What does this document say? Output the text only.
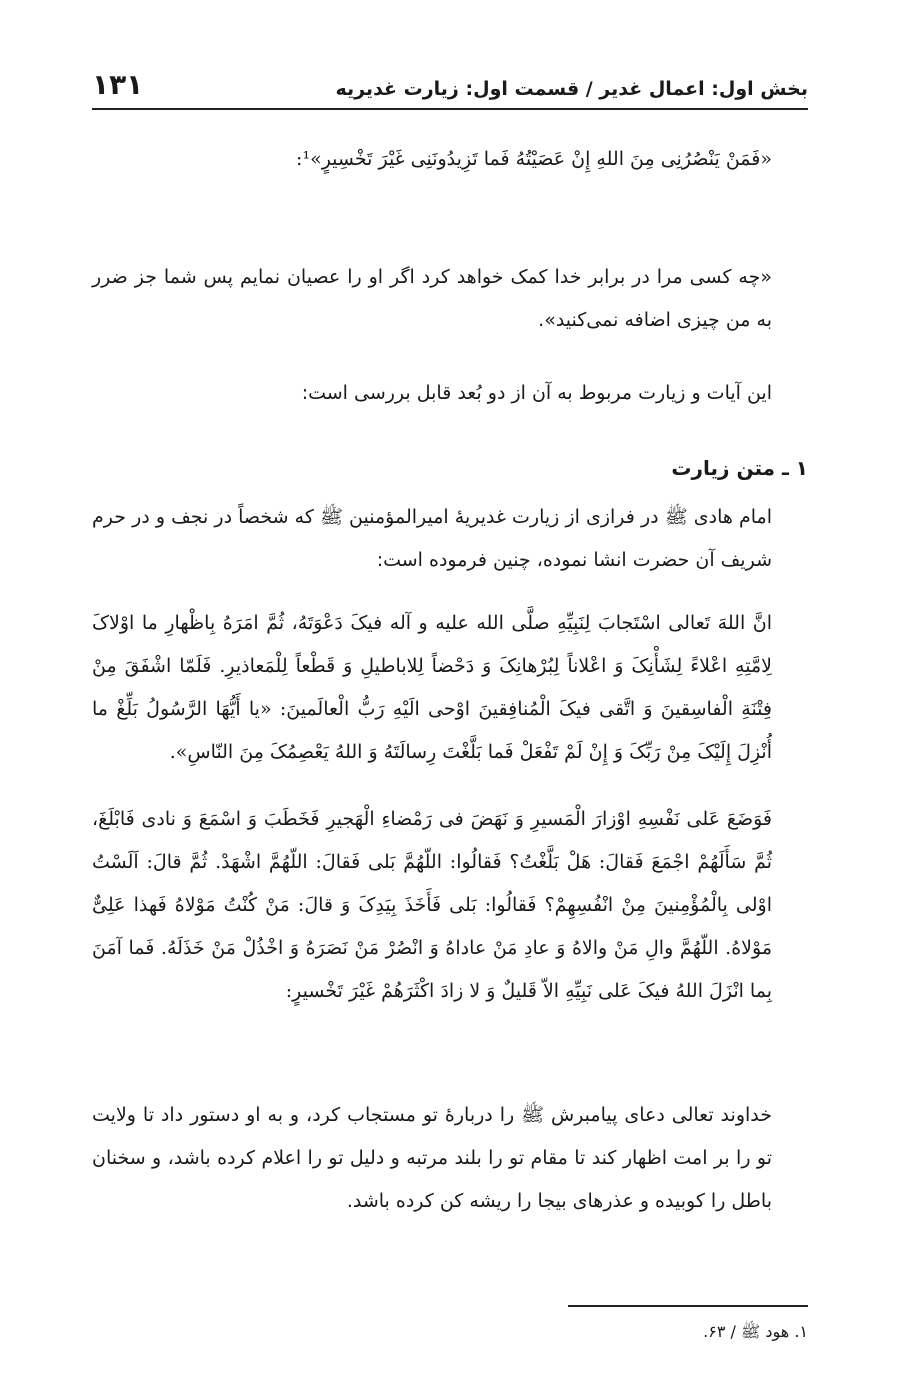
بخش اول: اعمال غدیر / قسمت اول: زیارت غدیریه
۱۳۱

«فَمَنْ یَنْصُرُنِی مِنَ اللهِ إِنْ عَصَیْتُهُ فَما تَزِیدُونَنِی غَیْرَ تَخْسِیرٍ»¹:

«چه کسی مرا در برابر خدا کمک خواهد کرد اگر او را عصیان نمایم پس شما جز ضرر به من چیزی اضافه نمی‌کنید».

این آیات و زیارت مربوط به آن از دو بُعد قابل بررسی است:

۱ ـ متن زیارت

امام هادی ﷺ در فرازی از زیارت غدیریهٔ امیرالمؤمنین ﷺ که شخصاً در نجف و در حرم شریف آن حضرت انشا نموده، چنین فرموده است:

انَّ اللهَ تَعالی اسْتَجابَ لِنَبِیِّهِ صلَّی الله علیه و آله فیکَ دَعْوَتَهُ، ثُمَّ امَرَهُ بِاظْهارِ ما اوْلاکَ لِامَّتِهِ اعْلاءً لِشَأْنِکَ وَ اعْلاناً لِبُرْهانِکَ وَ دَحْضاً لِلاباطیلِ وَ قَطْعاً لِلْمَعاذیرِ. فَلَمّا اشْفَقَ مِنْ فِتْنَةِ الْفاسِقینَ وَ اتَّقی فیکَ الْمُنافِقینَ اوْحی الَیْهِ رَبُّ الْعالَمینَ: «یا أَیُّهَا الرَّسُولُ بَلِّغْ ما أُنْزِلَ إِلَیْکَ مِنْ رَبِّکَ وَ إِنْ لَمْ تَفْعَلْ فَما بَلَّغْتَ رِسالَتَهُ وَ اللهُ یَعْصِمُکَ مِنَ النّاسِ».

فَوَضَعَ عَلی نَفْسِهِ اوْزارَ الْمَسیرِ وَ نَهَضَ فی رَمْضاءِ الْهَجیرِ فَخَطَبَ وَ اسْمَعَ وَ نادی فَابْلَغَ، ثُمَّ سَأَلَهُمْ اجْمَعَ فَقالَ: هَلْ بَلَّغْتُ؟ فَقالُوا: اللّهُمَّ بَلی فَقالَ: اللّهُمَّ اشْهَدْ. ثُمَّ قالَ: اَلَسْتُ اوْلی بِالْمُؤْمِنینَ مِنْ انْفُسِهِمْ؟ فَقالُوا: بَلی فَأَخَذَ بِیَدِکَ وَ قالَ: مَنْ کُنْتُ مَوْلاهُ فَهذا عَلِیٌّ مَوْلاهُ. اللّهُمَّ والِ مَنْ والاهُ وَ عادِ مَنْ عاداهُ وَ انْصُرْ مَنْ نَصَرَهُ وَ اخْذُلْ مَنْ خَذَلَهُ. فَما آمَنَ بِما انْزَلَ اللهُ فیکَ عَلی نَبِیِّهِ الاّ قَلیلٌ وَ لا زادَ اکْثَرَهُمْ غَیْرَ تَخْسیرٍ:

خداوند تعالی دعای پیامبرش ﷺ را دربارهٔ تو مستجاب کرد، و به او دستور داد تا ولایت تو را بر امت اظهار کند تا مقام تو را بلند مرتبه و دلیل تو را اعلام کرده باشد، و سخنان باطل را کوبیده و عذرهای بیجا را ریشه کن کرده باشد.

۱. هود ﷺ / ۶۳.
